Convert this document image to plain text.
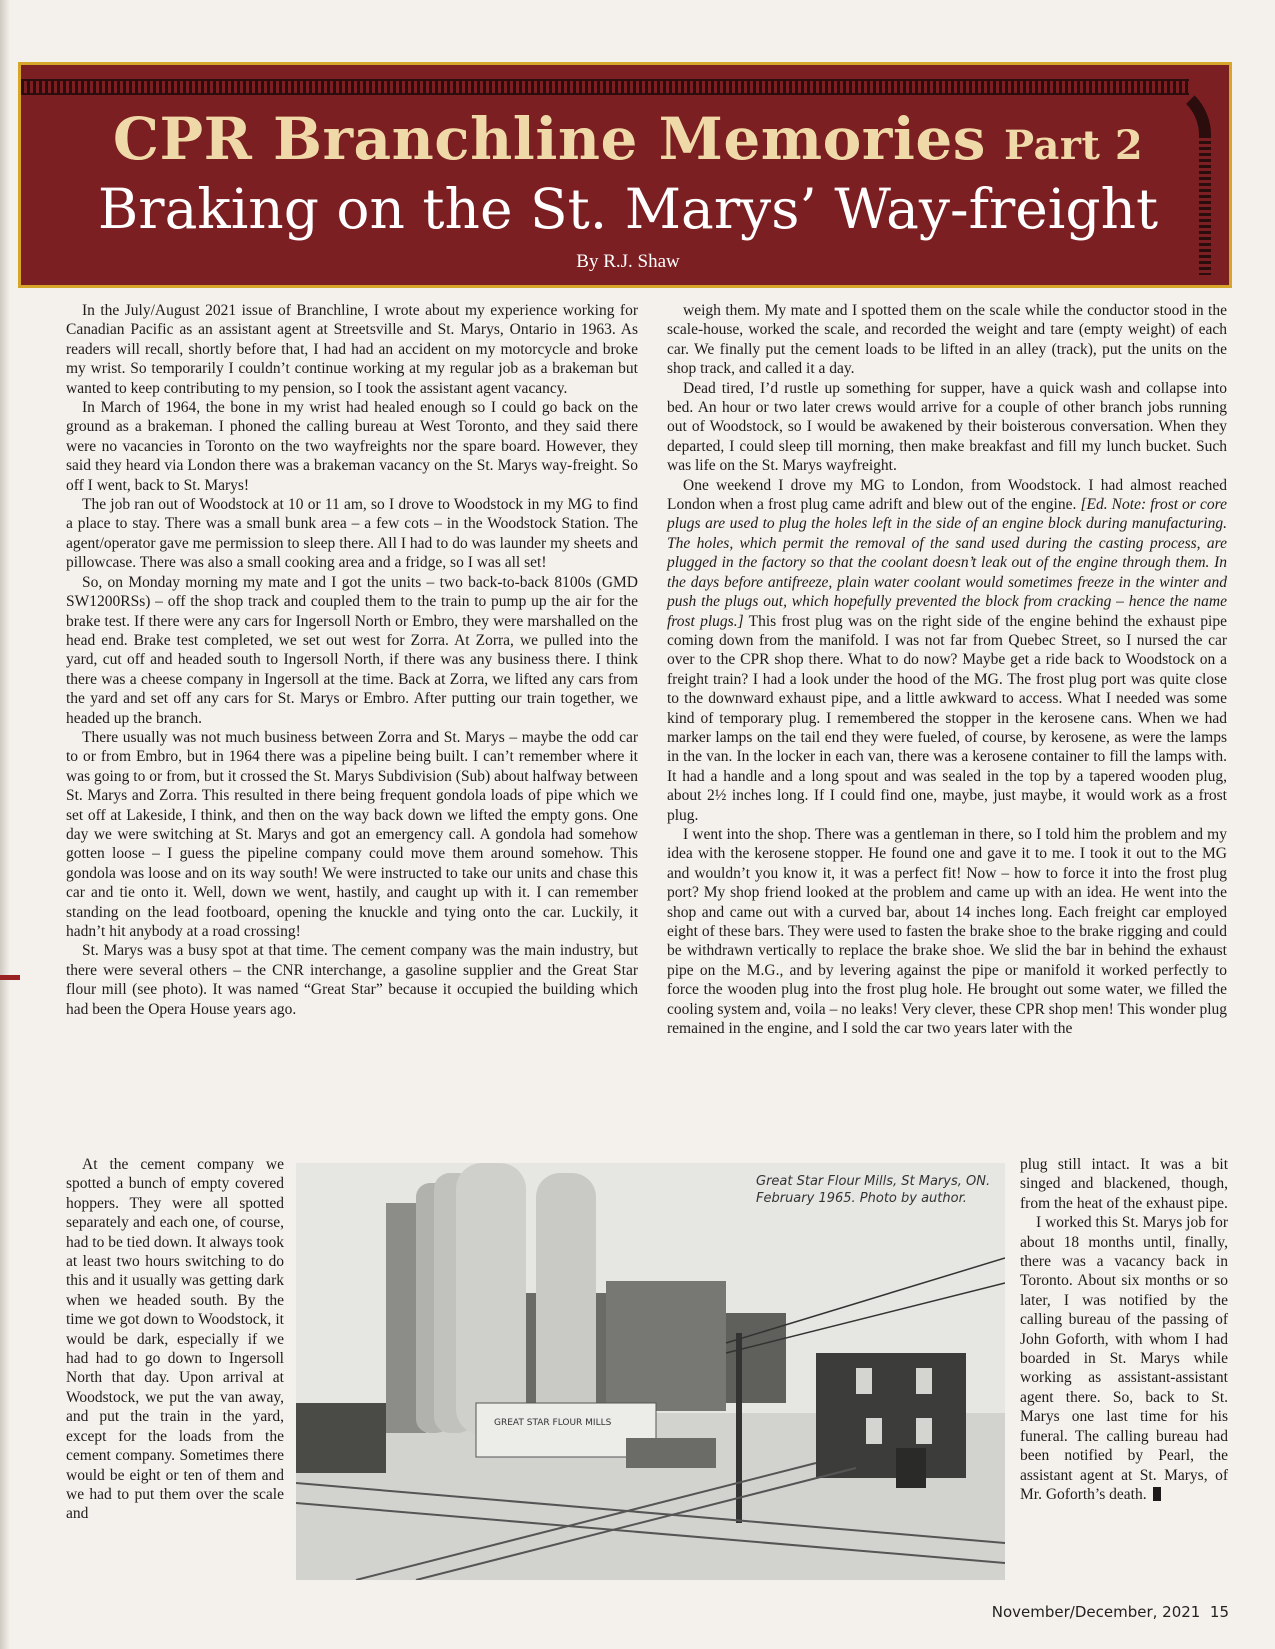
CPR Branchline Memories Part 2
Braking on the St. Marys’ Way-freight
By R.J. Shaw

In the July/August 2021 issue of Branchline, I wrote about my experience working for Canadian Pacific as an assistant agent at Streetsville and St. Marys, Ontario in 1963. As readers will recall, shortly before that, I had had an accident on my motorcycle and broke my wrist. So temporarily I couldn’t continue working at my regular job as a brakeman but wanted to keep contributing to my pension, so I took the assistant agent vacancy.

In March of 1964, the bone in my wrist had healed enough so I could go back on the ground as a brakeman. I phoned the calling bureau at West Toronto, and they said there were no vacancies in Toronto on the two wayfreights nor the spare board. However, they said they heard via London there was a brakeman vacancy on the St. Marys way-freight. So off I went, back to St. Marys!

The job ran out of Woodstock at 10 or 11 am, so I drove to Woodstock in my MG to find a place to stay. There was a small bunk area – a few cots – in the Woodstock Station. The agent/operator gave me permission to sleep there. All I had to do was launder my sheets and pillowcase. There was also a small cooking area and a fridge, so I was all set!

So, on Monday morning my mate and I got the units – two back-to-back 8100s (GMD SW1200RSs) – off the shop track and coupled them to the train to pump up the air for the brake test. If there were any cars for Ingersoll North or Embro, they were marshalled on the head end. Brake test completed, we set out west for Zorra. At Zorra, we pulled into the yard, cut off and headed south to Ingersoll North, if there was any business there. I think there was a cheese company in Ingersoll at the time. Back at Zorra, we lifted any cars from the yard and set off any cars for St. Marys or Embro. After putting our train together, we headed up the branch.

There usually was not much business between Zorra and St. Marys – maybe the odd car to or from Embro, but in 1964 there was a pipeline being built. I can’t remember where it was going to or from, but it crossed the St. Marys Subdivision (Sub) about halfway between St. Marys and Zorra. This resulted in there being frequent gondola loads of pipe which we set off at Lakeside, I think, and then on the way back down we lifted the empty gons. One day we were switching at St. Marys and got an emergency call. A gondola had somehow gotten loose – I guess the pipeline company could move them around somehow. This gondola was loose and on its way south! We were instructed to take our units and chase this car and tie onto it. Well, down we went, hastily, and caught up with it. I can remember standing on the lead footboard, opening the knuckle and tying onto the car. Luckily, it hadn’t hit anybody at a road crossing!

St. Marys was a busy spot at that time. The cement company was the main industry, but there were several others – the CNR interchange, a gasoline supplier and the Great Star flour mill (see photo). It was named “Great Star” because it occupied the building which had been the Opera House years ago.

At the cement company we spotted a bunch of empty covered hoppers. They were all spotted separately and each one, of course, had to be tied down. It always took at least two hours switching to do this and it usually was getting dark when we headed south. By the time we got down to Woodstock, it would be dark, especially if we had had to go down to Ingersoll North that day. Upon arrival at Woodstock, we put the van away, and put the train in the yard, except for the loads from the cement company. Sometimes there would be eight or ten of them and we had to put them over the scale and

weigh them. My mate and I spotted them on the scale while the conductor stood in the scale-house, worked the scale, and recorded the weight and tare (empty weight) of each car. We finally put the cement loads to be lifted in an alley (track), put the units on the shop track, and called it a day.

Dead tired, I’d rustle up something for supper, have a quick wash and collapse into bed. An hour or two later crews would arrive for a couple of other branch jobs running out of Woodstock, so I would be awakened by their boisterous conversation. When they departed, I could sleep till morning, then make breakfast and fill my lunch bucket. Such was life on the St. Marys wayfreight.

One weekend I drove my MG to London, from Woodstock. I had almost reached London when a frost plug came adrift and blew out of the engine. [Ed. Note: frost or core plugs are used to plug the holes left in the side of an engine block during manufacturing. The holes, which permit the removal of the sand used during the casting process, are plugged in the factory so that the coolant doesn’t leak out of the engine through them. In the days before antifreeze, plain water coolant would sometimes freeze in the winter and push the plugs out, which hopefully prevented the block from cracking – hence the name frost plugs.] This frost plug was on the right side of the engine behind the exhaust pipe coming down from the manifold. I was not far from Quebec Street, so I nursed the car over to the CPR shop there. What to do now? Maybe get a ride back to Woodstock on a freight train? I had a look under the hood of the MG. The frost plug port was quite close to the downward exhaust pipe, and a little awkward to access. What I needed was some kind of temporary plug. I remembered the stopper in the kerosene cans. When we had marker lamps on the tail end they were fueled, of course, by kerosene, as were the lamps in the van. In the locker in each van, there was a kerosene container to fill the lamps with. It had a handle and a long spout and was sealed in the top by a tapered wooden plug, about 2½ inches long. If I could find one, maybe, just maybe, it would work as a frost plug.

I went into the shop. There was a gentleman in there, so I told him the problem and my idea with the kerosene stopper. He found one and gave it to me. I took it out to the MG and wouldn’t you know it, it was a perfect fit! Now – how to force it into the frost plug port? My shop friend looked at the problem and came up with an idea. He went into the shop and came out with a curved bar, about 14 inches long. Each freight car employed eight of these bars. They were used to fasten the brake shoe to the brake rigging and could be withdrawn vertically to replace the brake shoe. We slid the bar in behind the exhaust pipe on the M.G., and by levering against the pipe or manifold it worked perfectly to force the wooden plug into the frost plug hole. He brought out some water, we filled the cooling system and, voila – no leaks! Very clever, these CPR shop men! This wonder plug remained in the engine, and I sold the car two years later with the

plug still intact. It was a bit singed and blackened, though, from the heat of the exhaust pipe.

I worked this St. Marys job for about 18 months until, finally, there was a vacancy back in Toronto. About six months or so later, I was notified by the calling bureau of the passing of John Goforth, with whom I had boarded in St. Marys while working as assistant-assistant agent there. So, back to St. Marys one last time for his funeral. The calling bureau had been notified by Pearl, the assistant agent at St. Marys, of Mr. Goforth’s death.

GREAT STAR FLOUR MILLS
Great Star Flour Mills, St Marys, ON.
February 1965. Photo by author.
November/December, 2021 15
